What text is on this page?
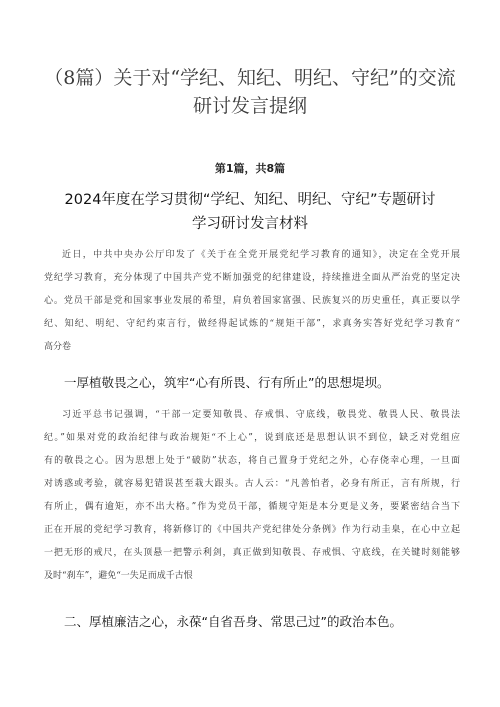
（8篇）关于对“学纪、知纪、明纪、守纪”的交流
研讨发言提纲
第1篇，共8篇
2024年度在学习贯彻“学纪、知纪、明纪、守纪”专题研讨
学习研讨发言材料

近日，中共中央办公厅印发了《关于在全党开展党纪学习教育的通知》，决定在全党开展
党纪学习教育，充分体现了中国共产党不断加强党的纪律建设，持续推进全面从严治党的坚定决
心。党员干部是党和国家事业发展的希望，肩负着国家富强、民族复兴的历史重任，真正要以学
纪、知纪、明纪、守纪约束言行，做经得起试炼的“规矩干部”，求真务实答好党纪学习教育“
高分卷

一厚植敬畏之心，筑牢“心有所畏、行有所止”的思想堤坝。

习近平总书记强调，“干部一定要知敬畏、存戒惧、守底线，敬畏党、敬畏人民、敬畏法
纪。”如果对党的政治纪律与政治规矩“不上心”，说到底还是思想认识不到位，缺乏对党组应
有的敬畏之心。因为思想上处于“破防”状态，将自己置身于党纪之外，心存侥幸心理，一旦面
对诱惑或考验，就容易犯错误甚至栽大跟头。古人云：“凡善怕者，必身有所正，言有所规，行
有所止，偶有逾矩，亦不出大格。”作为党员干部，循规守矩是本分更是义务，要紧密结合当下
正在开展的党纪学习教育，将新修订的《中国共产党纪律处分条例》作为行动圭臬，在心中立起
一把无形的戒尺，在头顶悬一把警示利剑，真正做到知敬畏、存戒惧、守底线，在关键时刻能够
及时“刹车”，避免“一失足而成千古恨

二、厚植廉洁之心，永葆“自省吾身、常思己过”的政治本色。
